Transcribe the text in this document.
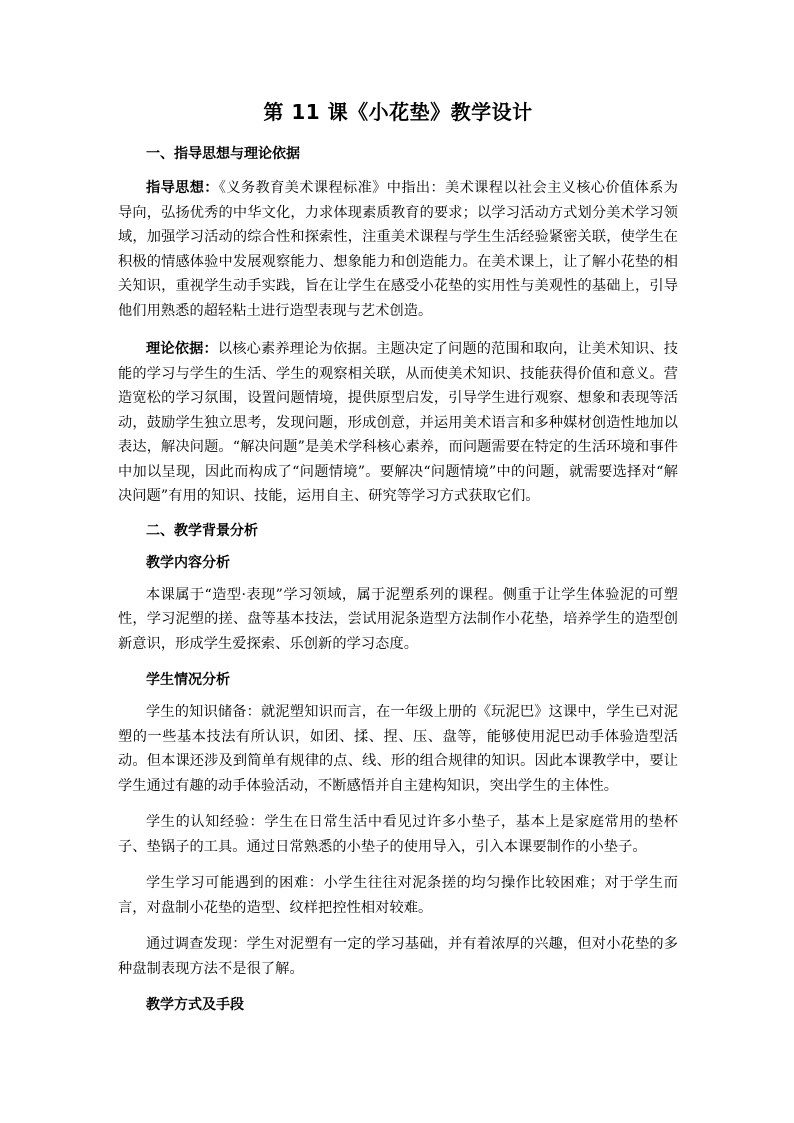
第 11 课《小花垫》教学设计
一、指导思想与理论依据

指导思想：《义务教育美术课程标准》中指出：美术课程以社会主义核心价值体系为导向，弘扬优秀的中华文化，力求体现素质教育的要求；以学习活动方式划分美术学习领域，加强学习活动的综合性和探索性，注重美术课程与学生生活经验紧密关联，使学生在积极的情感体验中发展观察能力、想象能力和创造能力。在美术课上，让了解小花垫的相关知识，重视学生动手实践，旨在让学生在感受小花垫的实用性与美观性的基础上，引导他们用熟悉的超轻粘土进行造型表现与艺术创造。

理论依据：以核心素养理论为依据。主题决定了问题的范围和取向，让美术知识、技能的学习与学生的生活、学生的观察相关联，从而使美术知识、技能获得价值和意义。营造宽松的学习氛围，设置问题情境，提供原型启发，引导学生进行观察、想象和表现等活动，鼓励学生独立思考，发现问题，形成创意，并运用美术语言和多种媒材创造性地加以表达，解决问题。“解决问题”是美术学科核心素养，而问题需要在特定的生活环境和事件中加以呈现，因此而构成了“问题情境”。要解决“问题情境”中的问题，就需要选择对“解决问题”有用的知识、技能，运用自主、研究等学习方式获取它们。

二、教学背景分析
教学内容分析

本课属于“造型·表现”学习领域，属于泥塑系列的课程。侧重于让学生体验泥的可塑性，学习泥塑的搓、盘等基本技法，尝试用泥条造型方法制作小花垫，培养学生的造型创新意识，形成学生爱探索、乐创新的学习态度。

学生情况分析

学生的知识储备：就泥塑知识而言，在一年级上册的《玩泥巴》这课中，学生已对泥塑的一些基本技法有所认识，如团、揉、捏、压、盘等，能够使用泥巴动手体验造型活动。但本课还涉及到简单有规律的点、线、形的组合规律的知识。因此本课教学中，要让学生通过有趣的动手体验活动，不断感悟并自主建构知识，突出学生的主体性。

学生的认知经验：学生在日常生活中看见过许多小垫子，基本上是家庭常用的垫杯子、垫锅子的工具。通过日常熟悉的小垫子的使用导入，引入本课要制作的小垫子。

学生学习可能遇到的困难：小学生往往对泥条搓的均匀操作比较困难；对于学生而言，对盘制小花垫的造型、纹样把控性相对较难。

通过调查发现：学生对泥塑有一定的学习基础，并有着浓厚的兴趣，但对小花垫的多种盘制表现方法不是很了解。

教学方式及手段
